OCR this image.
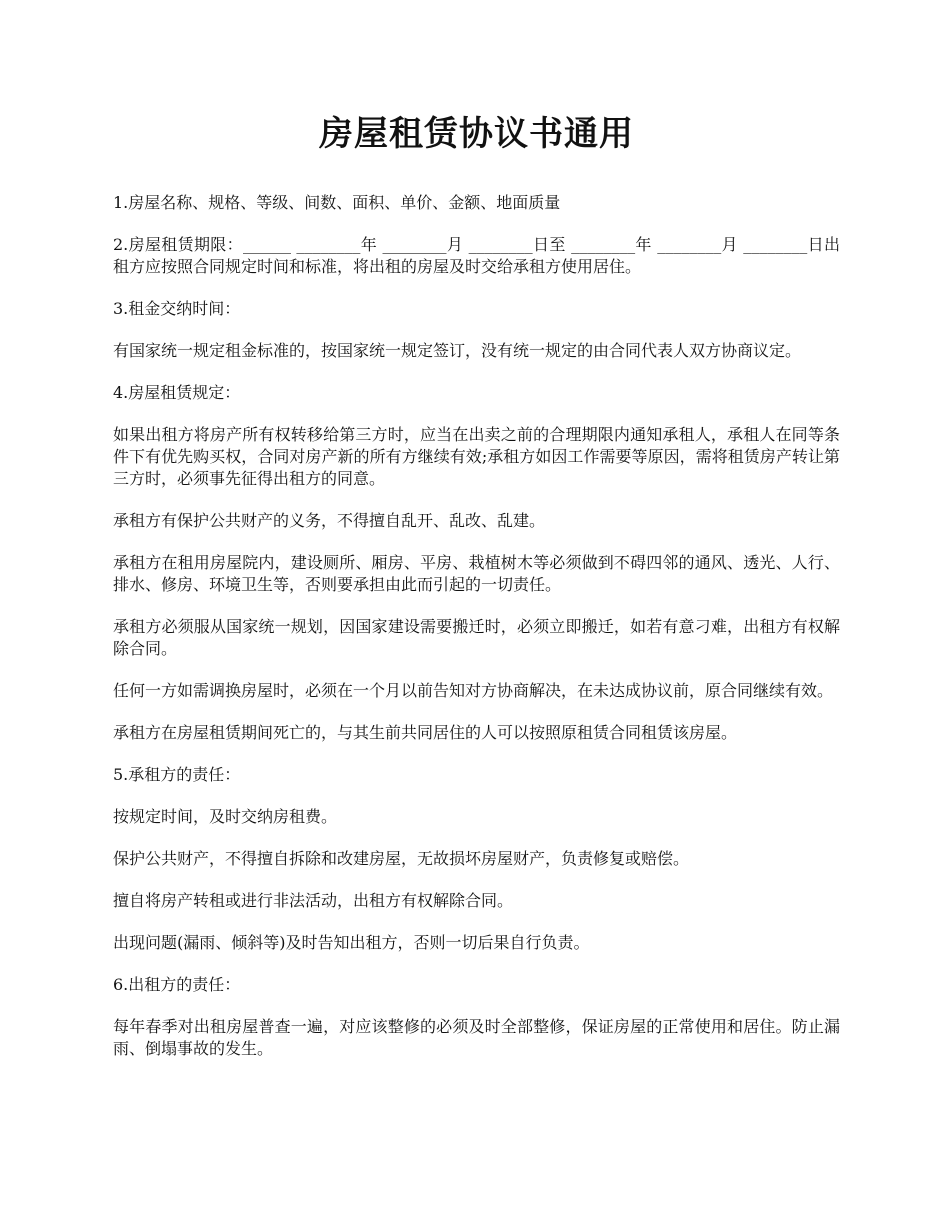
房屋租赁协议书通用

1.房屋名称、规格、等级、间数、面积、单价、金额、地面质量

2.房屋租赁期限：______ ________年 ________月 ________日至 ________年 ________月 ________日出租方应按照合同规定时间和标准，将出租的房屋及时交给承租方使用居住。

3.租金交纳时间：

有国家统一规定租金标准的，按国家统一规定签订，没有统一规定的由合同代表人双方协商议定。

4.房屋租赁规定：

如果出租方将房产所有权转移给第三方时，应当在出卖之前的合理期限内通知承租人，承租人在同等条件下有优先购买权，合同对房产新的所有方继续有效;承租方如因工作需要等原因，需将租赁房产转让第三方时，必须事先征得出租方的同意。

承租方有保护公共财产的义务，不得擅自乱开、乱改、乱建。

承租方在租用房屋院内，建设厕所、厢房、平房、栽植树木等必须做到不碍四邻的通风、透光、人行、排水、修房、环境卫生等，否则要承担由此而引起的一切责任。

承租方必须服从国家统一规划，因国家建设需要搬迁时，必须立即搬迁，如若有意刁难，出租方有权解除合同。

任何一方如需调换房屋时，必须在一个月以前告知对方协商解决，在未达成协议前，原合同继续有效。

承租方在房屋租赁期间死亡的，与其生前共同居住的人可以按照原租赁合同租赁该房屋。

5.承租方的责任：

按规定时间，及时交纳房租费。

保护公共财产，不得擅自拆除和改建房屋，无故损坏房屋财产，负责修复或赔偿。

擅自将房产转租或进行非法活动，出租方有权解除合同。

出现问题(漏雨、倾斜等)及时告知出租方，否则一切后果自行负责。

6.出租方的责任：

每年春季对出租房屋普查一遍，对应该整修的必须及时全部整修，保证房屋的正常使用和居住。防止漏雨、倒塌事故的发生。
